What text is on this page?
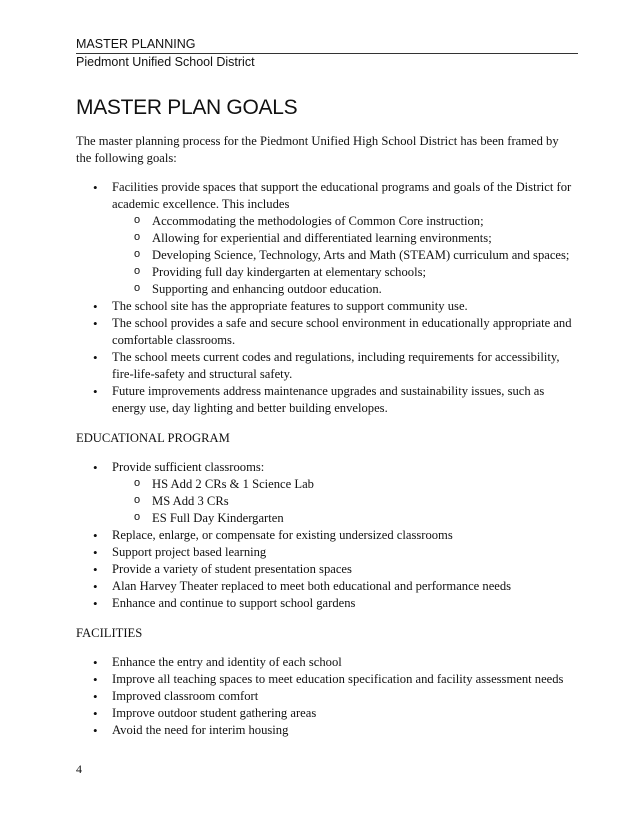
MASTER PLANNING
Piedmont Unified School District
MASTER PLAN GOALS

The master planning process for the Piedmont Unified High School District has been framed by the following goals:

• Facilities provide spaces that support the educational programs and goals of the District for academic excellence. This includes
o Accommodating the methodologies of Common Core instruction;
o Allowing for experiential and differentiated learning environments;
o Developing Science, Technology, Arts and Math (STEAM) curriculum and spaces;
o Providing full day kindergarten at elementary schools;
o Supporting and enhancing outdoor education.
• The school site has the appropriate features to support community use.
• The school provides a safe and secure school environment in educationally appropriate and comfortable classrooms.
• The school meets current codes and regulations, including requirements for accessibility, fire-life-safety and structural safety.
• Future improvements address maintenance upgrades and sustainability issues, such as energy use, day lighting and better building envelopes.
EDUCATIONAL PROGRAM
• Provide sufficient classrooms:
o HS Add 2 CRs & 1 Science Lab
o MS Add 3 CRs
o ES Full Day Kindergarten
• Replace, enlarge, or compensate for existing undersized classrooms
• Support project based learning
• Provide a variety of student presentation spaces
• Alan Harvey Theater replaced to meet both educational and performance needs
• Enhance and continue to support school gardens
FACILITIES
• Enhance the entry and identity of each school
• Improve all teaching spaces to meet education specification and facility assessment needs
• Improved classroom comfort
• Improve outdoor student gathering areas
• Avoid the need for interim housing
4
